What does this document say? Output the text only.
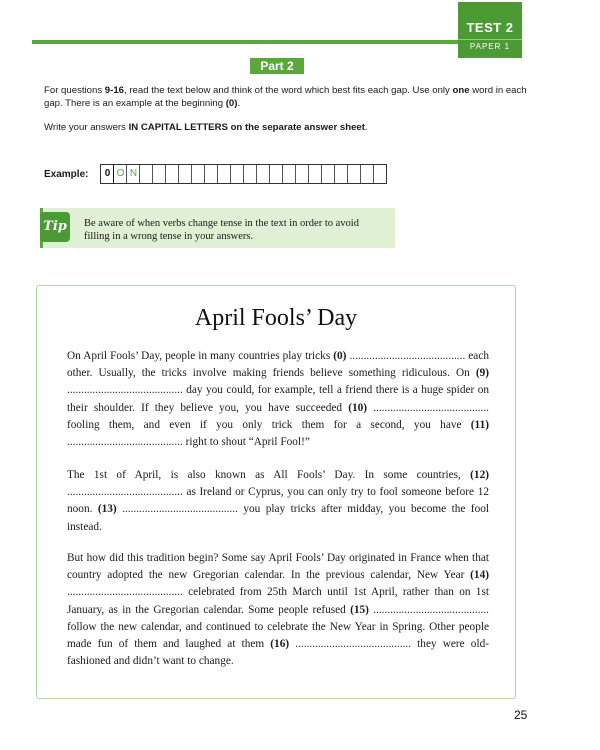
TEST 2
PAPER 1
Part 2
For questions 9-16, read the text below and think of the word which best fits each gap. Use only one word in each gap. There is an example at the beginning (0).
Write your answers IN CAPITAL LETTERS on the separate answer sheet.
Example:	0 O N
Tip	Be aware of when verbs change tense in the text in order to avoid filling in a wrong tense in your answers.
April Fools’ Day
On April Fools’ Day, people in many countries play tricks (0) ......................................... each other. Usually, the tricks involve making friends believe something ridiculous. On (9) ......................................... day you could, for example, tell a friend there is a huge spider on their shoulder. If they believe you, you have succeeded (10) ......................................... fooling them, and even if you only trick them for a second, you have (11) ......................................... right to shout “April Fool!”
The 1st of April, is also known as All Fools’ Day. In some countries, (12) ......................................... as Ireland or Cyprus, you can only try to fool someone before 12 noon. (13) ......................................... you play tricks after midday, you become the fool instead.
But how did this tradition begin? Some say April Fools’ Day originated in France when that country adopted the new Gregorian calendar. In the previous calendar, New Year (14) ......................................... celebrated from 25th March until 1st April, rather than on 1st January, as in the Gregorian calendar. Some people refused (15) ......................................... follow the new calendar, and continued to celebrate the New Year in Spring. Other people made fun of them and laughed at them (16) ......................................... they were old-fashioned and didn’t want to change.
25
